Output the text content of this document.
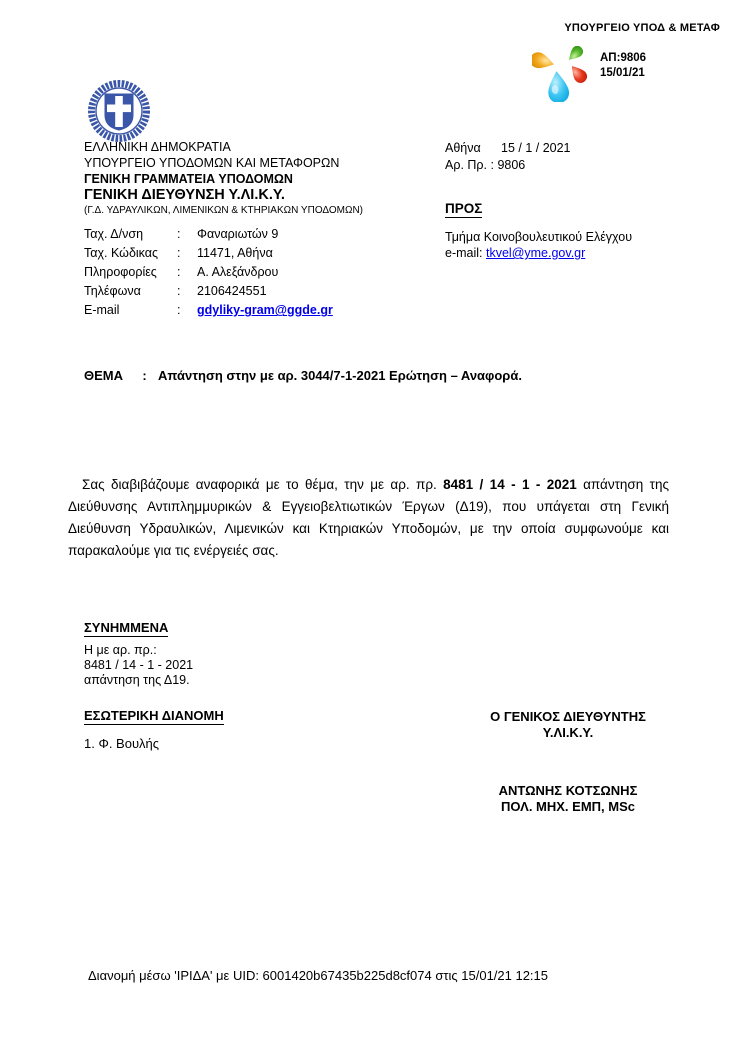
ΥΠΟΥΡΓΕΙΟ ΥΠΟΔ & ΜΕΤΑΦ
ΑΠ:9806
15/01/21
ΕΛΛΗΝΙΚΗ ΔΗΜΟΚΡΑΤΙΑ
ΥΠΟΥΡΓΕΙΟ ΥΠΟΔΟΜΩΝ ΚΑΙ ΜΕΤΑΦΟΡΩΝ
ΓΕΝΙΚΗ ΓΡΑΜΜΑΤΕΙΑ ΥΠΟΔΟΜΩΝ
ΓΕΝΙΚΗ ΔΙΕΥΘΥΝΣΗ Υ.ΛΙ.Κ.Υ.
(Γ.Δ. ΥΔΡΑΥΛΙΚΩΝ, ΛΙΜΕΝΙΚΩΝ & ΚΤΗΡΙΑΚΩΝ ΥΠΟΔΟΜΩΝ)
Αθήνα	15 / 1 / 2021
Αρ. Πρ. : 9806
ΠΡΟΣ
Τμήμα Κοινοβουλευτικού Ελέγχου
e-mail: tkvel@yme.gov.gr
Ταχ. Δ/νση	:	Φαναριωτών 9
Ταχ. Κώδικας	:	11471, Αθήνα
Πληροφορίες	:	Α. Αλεξάνδρου
Τηλέφωνα	:	2106424551
E-mail	:	gdyliky-gram@ggde.gr
ΘΕΜΑ	: Απάντηση στην με αρ. 3044/7-1-2021 Ερώτηση – Αναφορά.

Σας διαβιβάζουμε αναφορικά με το θέμα, την με αρ. πρ. 8481 / 14 - 1 - 2021 απάντηση της Διεύθυνσης Αντιπλημμυρικών & Εγγειοβελτιωτικών Έργων (Δ19), που υπάγεται στη Γενική Διεύθυνση Υδραυλικών, Λιμενικών και Κτηριακών Υποδομών, με την οποία συμφωνούμε και παρακαλούμε για τις ενέργειές σας.

ΣΥΝΗΜΜΕΝΑ
Η με αρ. πρ.:
8481 / 14 - 1 - 2021
απάντηση της Δ19.
ΕΣΩΤΕΡΙΚΗ ΔΙΑΝΟΜΗ
1. Φ. Βουλής
Ο ΓΕΝΙΚΟΣ ΔΙΕΥΘΥΝΤΗΣ
Υ.ΛΙ.Κ.Υ.
ΑΝΤΩΝΗΣ ΚΟΤΣΩΝΗΣ
ΠΟΛ. ΜΗΧ. ΕΜΠ, MSc
Διανομή μέσω 'ΙΡΙΔΑ' με UID: 6001420b67435b225d8cf074 στις 15/01/21 12:15
